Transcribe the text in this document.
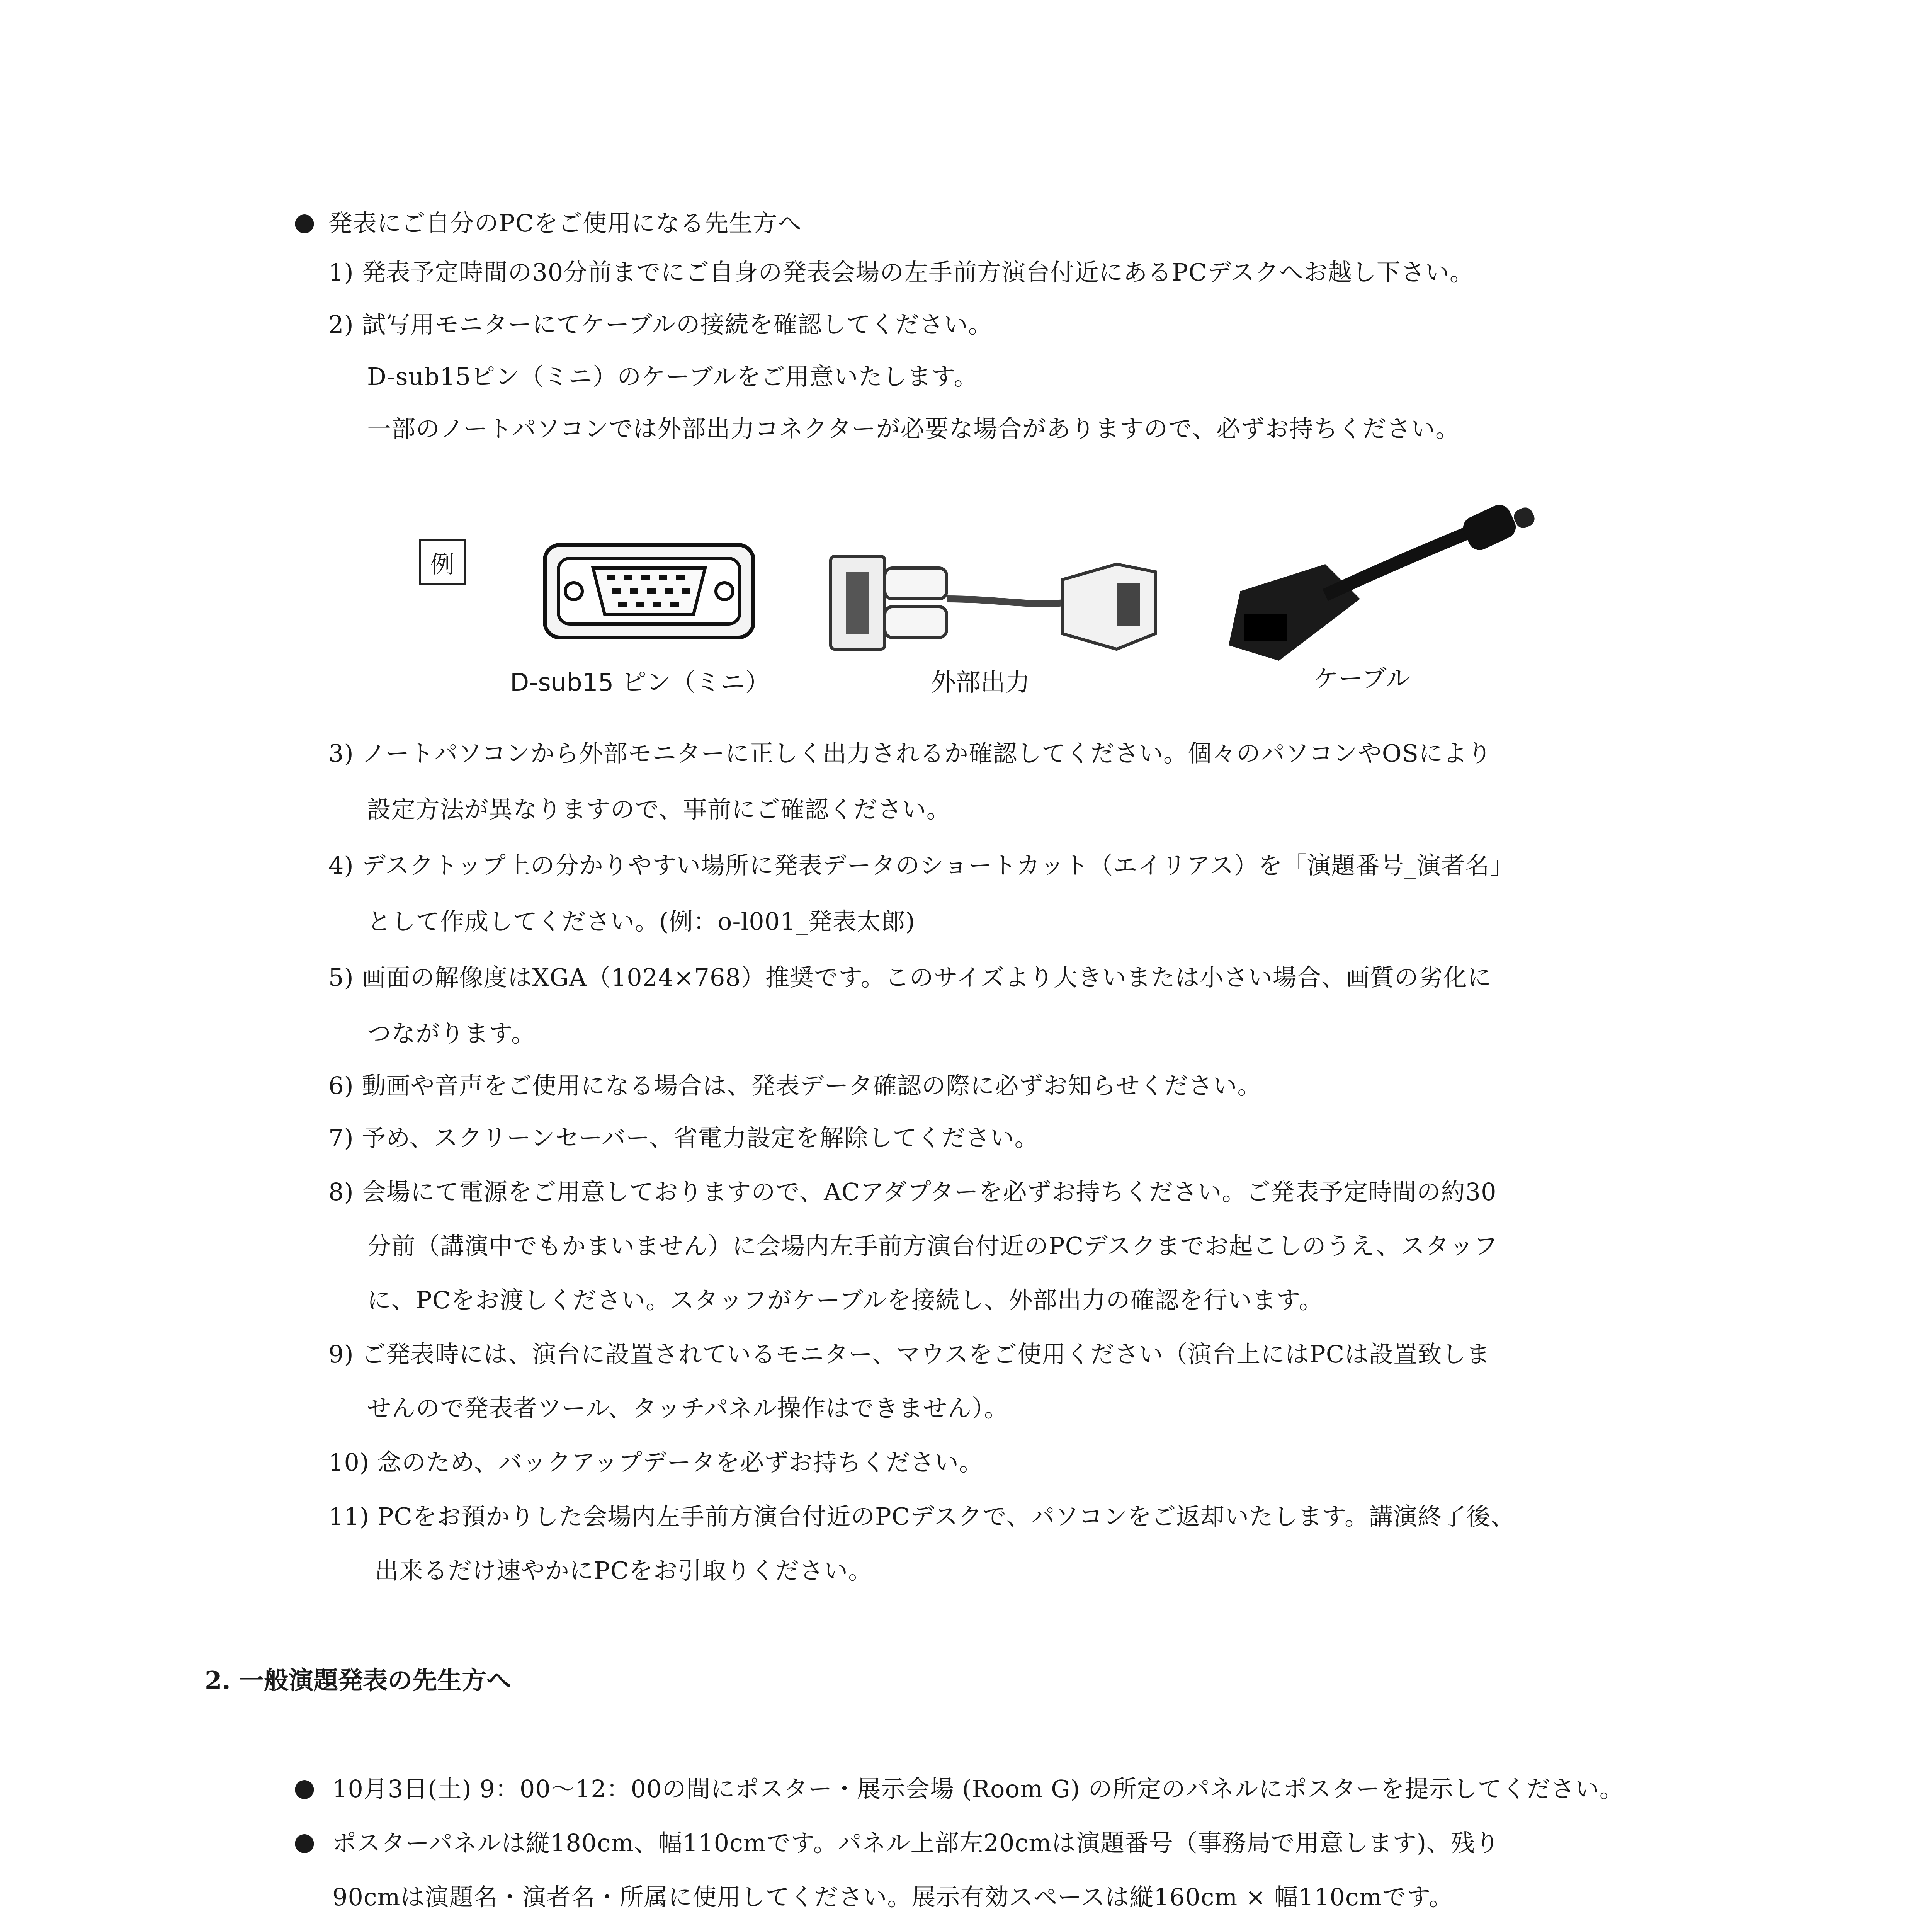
● 発表にご自分のPCをご使用になる先生方へ
1) 発表予定時間の30分前までにご自身の発表会場の左手前方演台付近にあるPCデスクへお越し下さい。
2) 試写用モニターにてケーブルの接続を確認してください。
D-sub15ピン（ミニ）のケーブルをご用意いたします。
一部のノートパソコンでは外部出力コネクターが必要な場合がありますので、必ずお持ちください。
例
D-sub15 ピン（ミニ）	外部出力	ケーブル
3) ノートパソコンから外部モニターに正しく出力されるか確認してください。個々のパソコンやOSにより
設定方法が異なりますので、事前にご確認ください。
4) デスクトップ上の分かりやすい場所に発表データのショートカット（エイリアス）を「演題番号_演者名」
として作成してください。(例：o-l001_発表太郎)
5) 画面の解像度はXGA（1024×768）推奨です。このサイズより大きいまたは小さい場合、画質の劣化に
つながります。
6) 動画や音声をご使用になる場合は、発表データ確認の際に必ずお知らせください。
7) 予め、スクリーンセーバー、省電力設定を解除してください。
8) 会場にて電源をご用意しておりますので、ACアダプターを必ずお持ちください。ご発表予定時間の約30
分前（講演中でもかまいません）に会場内左手前方演台付近のPCデスクまでお起こしのうえ、スタッフ
に、PCをお渡しください。スタッフがケーブルを接続し、外部出力の確認を行います。
9) ご発表時には、演台に設置されているモニター、マウスをご使用ください（演台上にはPCは設置致しま
せんので発表者ツール、タッチパネル操作はできません）。
10) 念のため、バックアップデータを必ずお持ちください。
11) PCをお預かりした会場内左手前方演台付近のPCデスクで、パソコンをご返却いたします。講演終了後、
出来るだけ速やかにPCをお引取りください。
2. 一般演題発表の先生方へ
● 10月3日(土) 9：00〜12：00の間にポスター・展示会場 (Room G) の所定のパネルにポスターを提示してください。
● ポスターパネルは縦180cm、幅110cmです。パネル上部左20cmは演題番号（事務局で用意します)、残り
90cmは演題名・演者名・所属に使用してください。展示有効スペースは縦160cm × 幅110cmです。
